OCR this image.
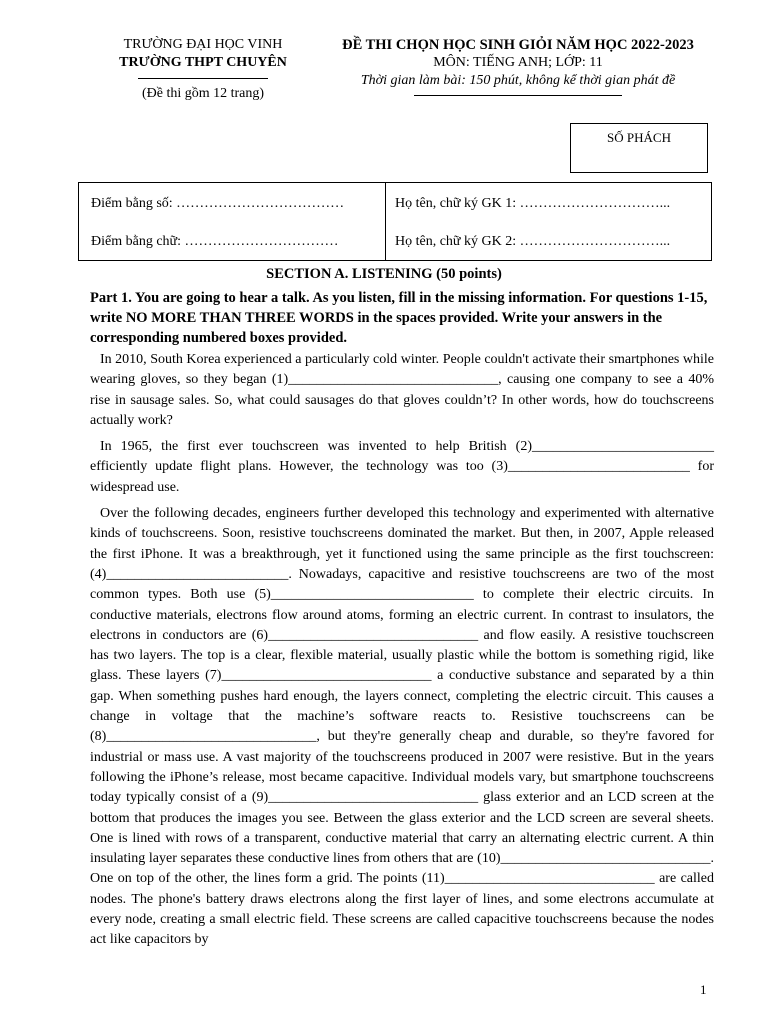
TRƯỜNG ĐẠI HỌC VINH
TRƯỜNG THPT CHUYÊN
(Đề thi gồm 12 trang)
ĐỀ THI CHỌN HỌC SINH GIỎI NĂM HỌC 2022-2023
MÔN: TIẾNG ANH; LỚP: 11
Thời gian làm bài: 150 phút, không kể thời gian phát đề
SỐ PHÁCH
Điểm bằng số: ………………………………
Điểm bằng chữ: ……………………………
Họ tên, chữ ký GK 1: …………………………...
Họ tên, chữ ký GK 2: …………………………...
SECTION A. LISTENING (50 points)
Part 1. You are going to hear a talk. As you listen, fill in the missing information. For questions 1-15, write NO MORE THAN THREE WORDS in the spaces provided. Write your answers in the corresponding numbered boxes provided.

In 2010, South Korea experienced a particularly cold winter. People couldn't activate their smartphones while wearing gloves, so they began (1)______________________________, causing one company to see a 40% rise in sausage sales. So, what could sausages do that gloves couldn’t? In other words, how do touchscreens actually work?

In 1965, the first ever touchscreen was invented to help British (2)__________________________ efficiently update flight plans. However, the technology was too (3)__________________________ for widespread use.

Over the following decades, engineers further developed this technology and experimented with alternative kinds of touchscreens. Soon, resistive touchscreens dominated the market. But then, in 2007, Apple released the first iPhone. It was a breakthrough, yet it functioned using the same principle as the first touchscreen: (4)__________________________. Nowadays, capacitive and resistive touchscreens are two of the most common types. Both use (5)_____________________________ to complete their electric circuits. In conductive materials, electrons flow around atoms, forming an electric current. In contrast to insulators, the electrons in conductors are (6)______________________________ and flow easily. A resistive touchscreen has two layers. The top is a clear, flexible material, usually plastic while the bottom is something rigid, like glass. These layers (7)______________________________ a conductive substance and separated by a thin gap. When something pushes hard enough, the layers connect, completing the electric circuit. This causes a change in voltage that the machine’s software reacts to. Resistive touchscreens can be (8)______________________________, but they're generally cheap and durable, so they're favored for industrial or mass use. A vast majority of the touchscreens produced in 2007 were resistive. But in the years following the iPhone’s release, most became capacitive. Individual models vary, but smartphone touchscreens today typically consist of a (9)______________________________ glass exterior and an LCD screen at the bottom that produces the images you see. Between the glass exterior and the LCD screen are several sheets. One is lined with rows of a transparent, conductive material that carry an alternating electric current. A thin insulating layer separates these conductive lines from others that are (10)______________________________. One on top of the other, the lines form a grid. The points (11)______________________________ are called nodes. The phone's battery draws electrons along the first layer of lines, and some electrons accumulate at every node, creating a small electric field. These screens are called capacitive touchscreens because the nodes act like capacitors by

1
